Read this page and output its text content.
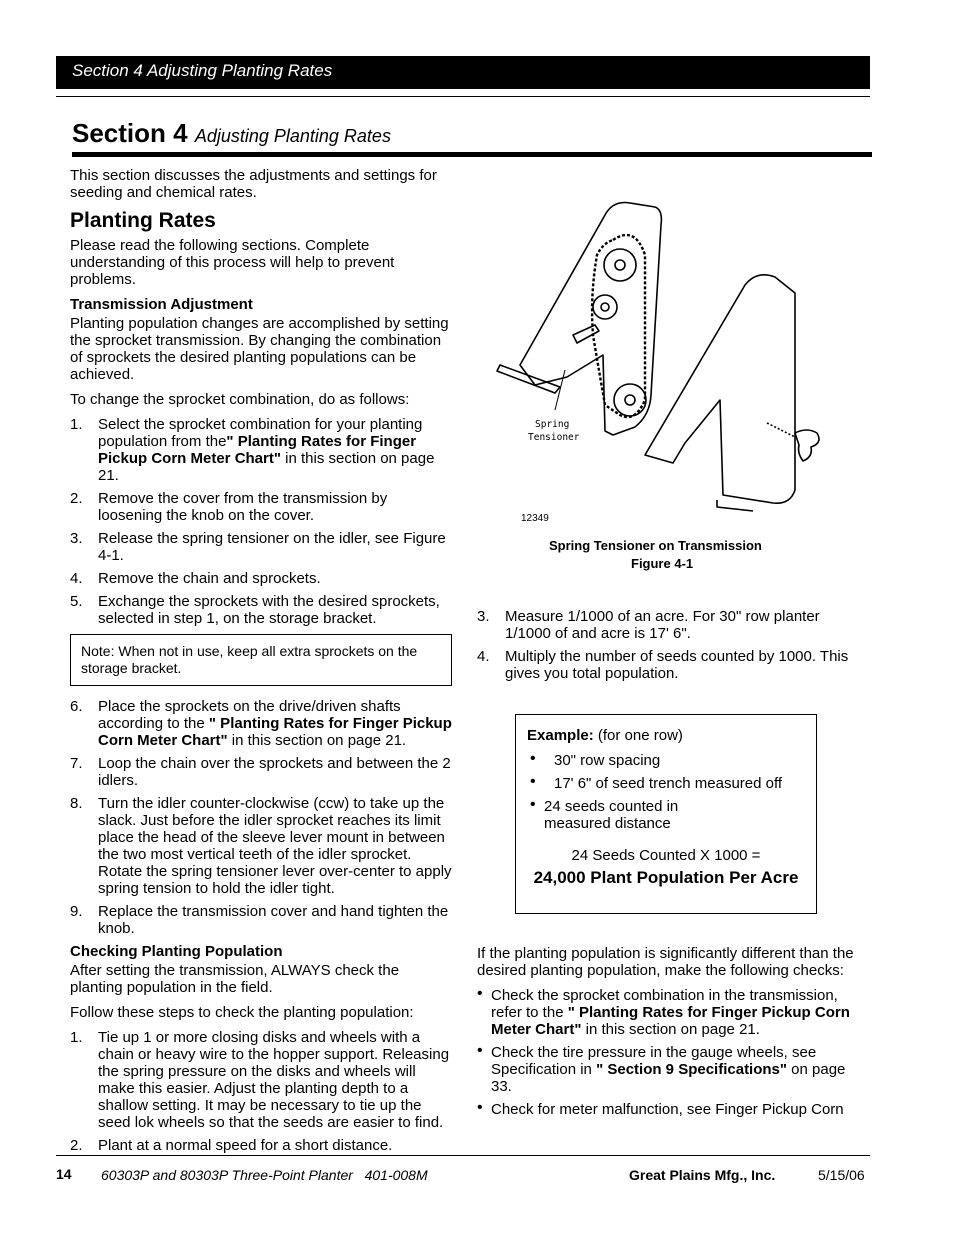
Section 4 Adjusting Planting Rates
Section 4 Adjusting Planting Rates

This section discusses the adjustments and settings for seeding and chemical rates.

Planting Rates

Please read the following sections. Complete understanding of this process will help to prevent problems.

Transmission Adjustment

Planting population changes are accomplished by setting the sprocket transmission. By changing the combination of sprockets the desired planting populations can be achieved.

To change the sprocket combination, do as follows:

1. Select the sprocket combination for your planting population from the" Planting Rates for Finger Pickup Corn Meter Chart" in this section on page 21.
2. Remove the cover from the transmission by loosening the knob on the cover.
3. Release the spring tensioner on the idler, see Figure 4-1.
4. Remove the chain and sprockets.
5. Exchange the sprockets with the desired sprockets, selected in step 1, on the storage bracket.
Note: When not in use, keep all extra sprockets on the storage bracket.
6. Place the sprockets on the drive/driven shafts according to the " Planting Rates for Finger Pickup Corn Meter Chart" in this section on page 21.
7. Loop the chain over the sprockets and between the 2 idlers.
8. Turn the idler counter-clockwise (ccw) to take up the slack. Just before the idler sprocket reaches its limit place the head of the sleeve lever mount in between the two most vertical teeth of the idler sprocket. Rotate the spring tensioner lever over-center to apply spring tension to hold the idler tight.
9. Replace the transmission cover and hand tighten the knob.

Checking Planting Population

After setting the transmission, ALWAYS check the planting population in the field.

Follow these steps to check the planting population:

1. Tie up 1 or more closing disks and wheels with a chain or heavy wire to the hopper support. Releasing the spring pressure on the disks and wheels will make this easier. Adjust the planting depth to a shallow setting. It may be necessary to tie up the seed lok wheels so that the seeds are easier to find.
2. Plant at a normal speed for a short distance.
Spring
Tensioner
12349
Spring Tensioner on Transmission
Figure 4-1
3. Measure 1/1000 of an acre. For 30" row planter 1/1000 of and acre is 17' 6".
4. Multiply the number of seeds counted by 1000. This gives you total population.
Example: (for one row)
• 30" row spacing
• 17' 6" of seed trench measured off
• 24 seeds counted in measured distance
24 Seeds Counted X 1000 =
24,000 Plant Population Per Acre

If the planting population is significantly different than the desired planting population, make the following checks:

• Check the sprocket combination in the transmission, refer to the " Planting Rates for Finger Pickup Corn Meter Chart" in this section on page 21.
• Check the tire pressure in the gauge wheels, see Specification in " Section 9 Specifications" on page 33.
• Check for meter malfunction, see Finger Pickup Corn
14 60303P and 80303P Three-Point Planter   401-008M	Great Plains Mfg., Inc.	5/15/06
